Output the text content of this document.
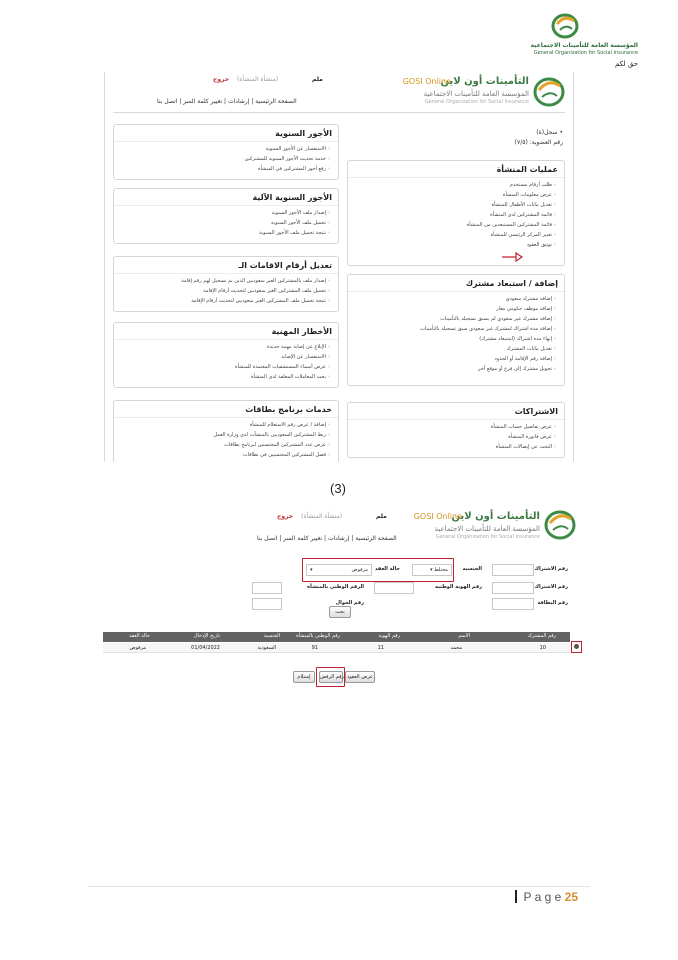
المؤسسة العامة للتأمينات الاجتماعية
General Organization for Social Insurance
حق لكم
التأمينات أون لاين
GOSI Online
المؤسسة العامة للتأمينات الاجتماعية
General Organization for Social Insurance
ملم (منشأة المنشأة) خروج
الصفحة الرئيسية | إرشادات | تغيير كلمة السر | اتصل بنا
• سجل(ة)
رقم العضوية: (٧/٥)
عمليات المنشأة
› طلب أرقام مستخدم
› عرض معلومات المنشأة
› تعديل بيانات الأطفال للمنشأة
› قائمة المشتركين لدى المنشأة
› قائمة المشتركين المستبعدين من المنشأة
› تغيير المركز الرئيسي للمنشأة
› توثيق العقود
إضافة / استبعاد مشترك
› إضافة مشترك سعودي
› إضافة موظف حكومي معار
› إضافة مشترك غير سعودي لم يسبق تسجيله بالتأمينات
› إضافة مدة اشتراك لمشترك غير سعودي سبق تسجيله بالتأمينات
› إنهاء مدة اشتراك (استبعاد مشترك)
› تعديل بيانات المشترك
› إضافة رقم الإقامة أو الحدود
› تحويل مشترك إلى فرع أو موقع آخر
الاشتراكات
› عرض تفاصيل حساب المنشأة
› عرض فاتورة المنشأة
› البحث عن إيصالات المنشأة
الأجور السنوية
› الاستفسار عن الأجور السنوية
› خدمة تحديث الأجور السنوية للمشتركين
› رفع أجور المشتركين في المنشأة
الأجور السنوية الآلية
› إصدار ملف الأجور السنوية
› تحميل ملف الأجور السنوية
› نتيجة تحميل ملف الأجور السنوية
تعديل أرقام الاقامات الـ
› إصدار ملف بالمشتركين الغير سعوديين الذين تم تسجيل لهم رقم إقامة
› تحميل ملف المشتركين الغير سعوديين لتحديث أرقام الإقامة
› نتيجة تحميل ملف المشتركين الغير سعوديين لتحديث أرقام الإقامة
الأخطار المهنية
› الإبلاغ عن إصابة مهنية جديدة
› الاستفسار عن الإصابة
› عرض أسماء المستشفيات المعتمدة للمنشأة
› بحث المعاملات المعلقة لدى المنشأة
خدمات برنامج بطاقات
› إضافة / عرض رقم الاستعلام للمنشأة
› ربط المشتركين السعوديين بالمنشآت لدى وزارة العمل
› عرض عدد المشتركين المحتسبين لبرنامج نطاقات
› فصل المشتركين المحتسبين في نطاقات
(3)
التأمينات أون لاين
GOSI Online
المؤسسة العامة للتأمينات الاجتماعية
General Organization for Social Insurance
ملم (منشأة المنشأة) خروج
الصفحة الرئيسية | إرشادات | تغيير كلمة السر | اتصل بنا
رقم الاشتراك
الجنسية
مختلط ▾
حالة العقد
مرفوض
▾
رقم الاشتراك
رقم الهوية الوطنية
الرقم الوطني بالمنشأة
رقم البطاقة
رقم الجوال
بحث
رقم المشترك
الاسم
رقم الهوية
رقم الوطني بالمنشأة
الجنسية
تاريخ الإدخال
حالة العقد
10
محمد
11
91
السعودية
01/04/2022
مرفوض
عرض العقود
رقم الرفض
إستلام
P a g e 25
